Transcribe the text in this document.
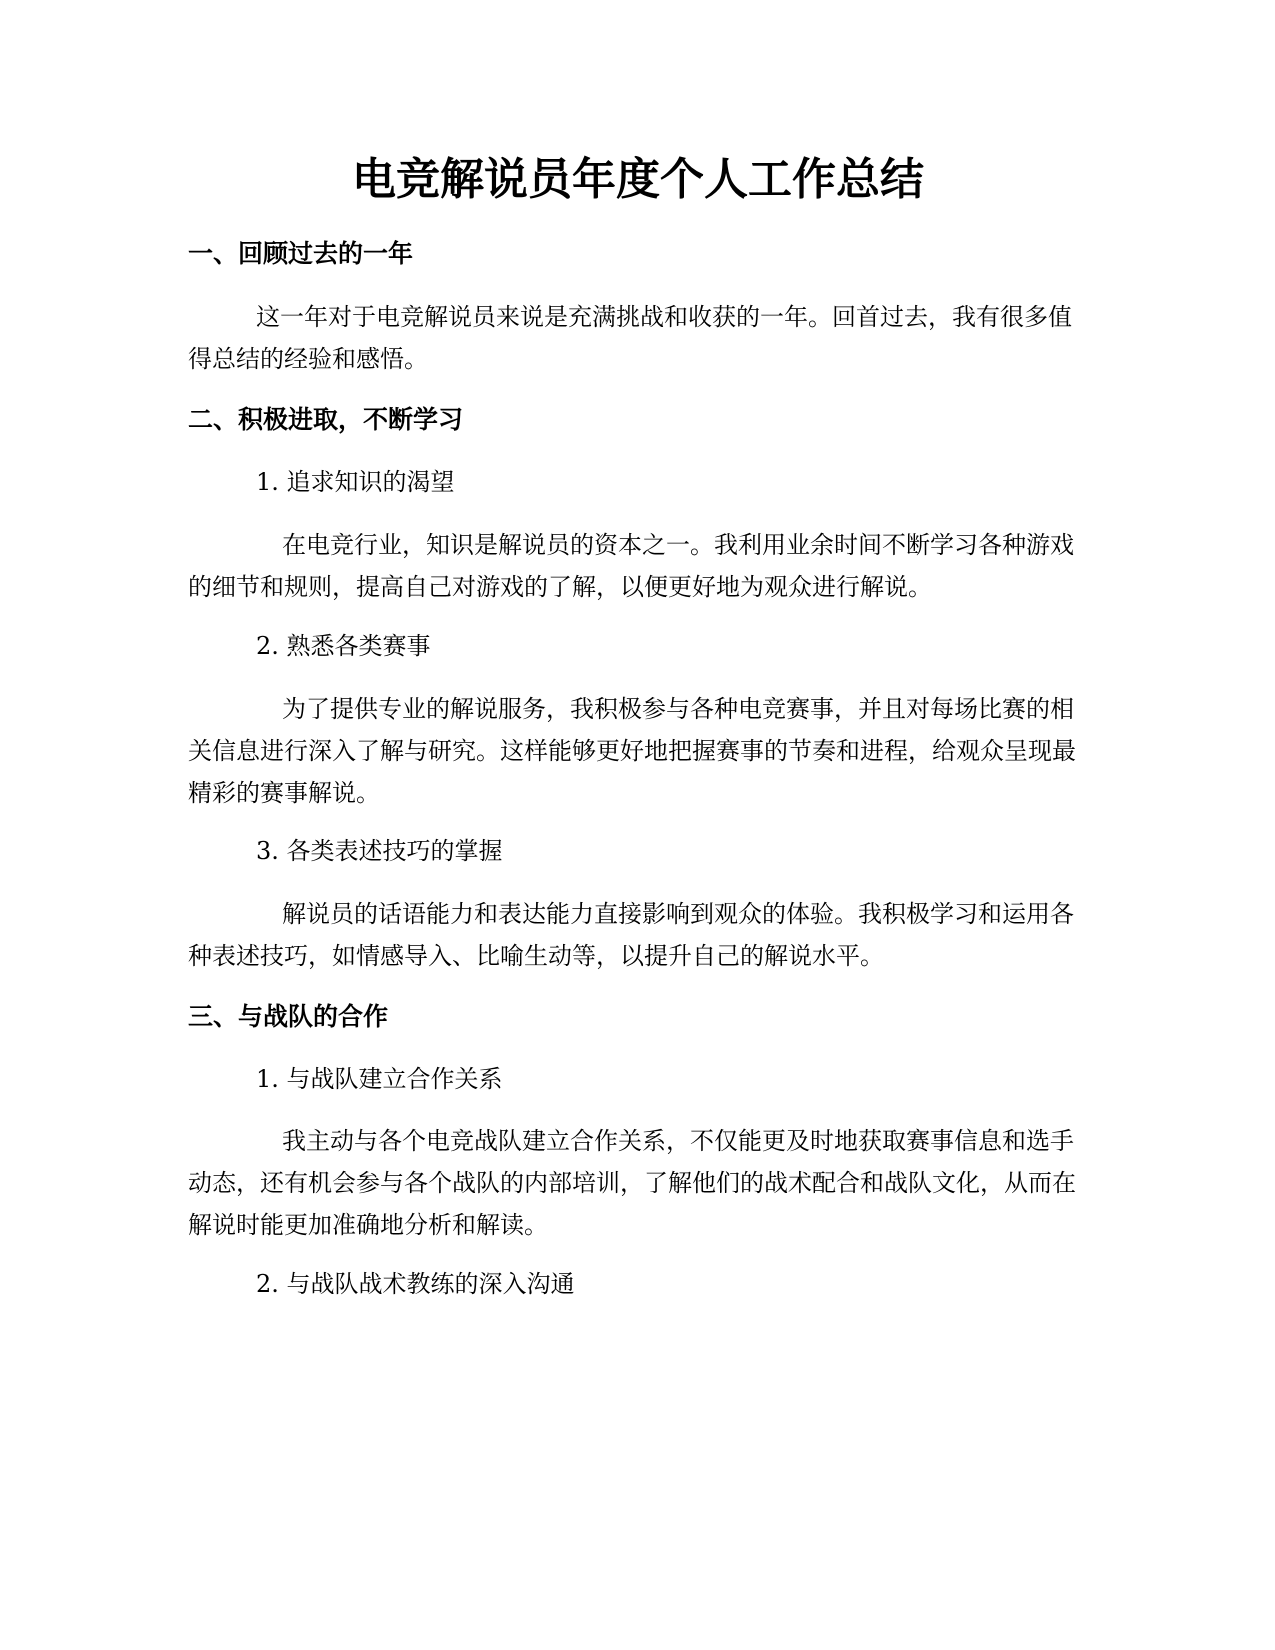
电竞解说员年度个人工作总结
一、回顾过去的一年

这一年对于电竞解说员来说是充满挑战和收获的一年。回首过去，我有很多值得总结的经验和感悟。

二、积极进取，不断学习

1. 追求知识的渴望

在电竞行业，知识是解说员的资本之一。我利用业余时间不断学习各种游戏的细节和规则，提高自己对游戏的了解，以便更好地为观众进行解说。

2. 熟悉各类赛事

为了提供专业的解说服务，我积极参与各种电竞赛事，并且对每场比赛的相关信息进行深入了解与研究。这样能够更好地把握赛事的节奏和进程，给观众呈现最精彩的赛事解说。

3. 各类表述技巧的掌握

解说员的话语能力和表达能力直接影响到观众的体验。我积极学习和运用各种表述技巧，如情感导入、比喻生动等，以提升自己的解说水平。

三、与战队的合作

1. 与战队建立合作关系

我主动与各个电竞战队建立合作关系，不仅能更及时地获取赛事信息和选手动态，还有机会参与各个战队的内部培训，了解他们的战术配合和战队文化，从而在解说时能更加准确地分析和解读。

2. 与战队战术教练的深入沟通
